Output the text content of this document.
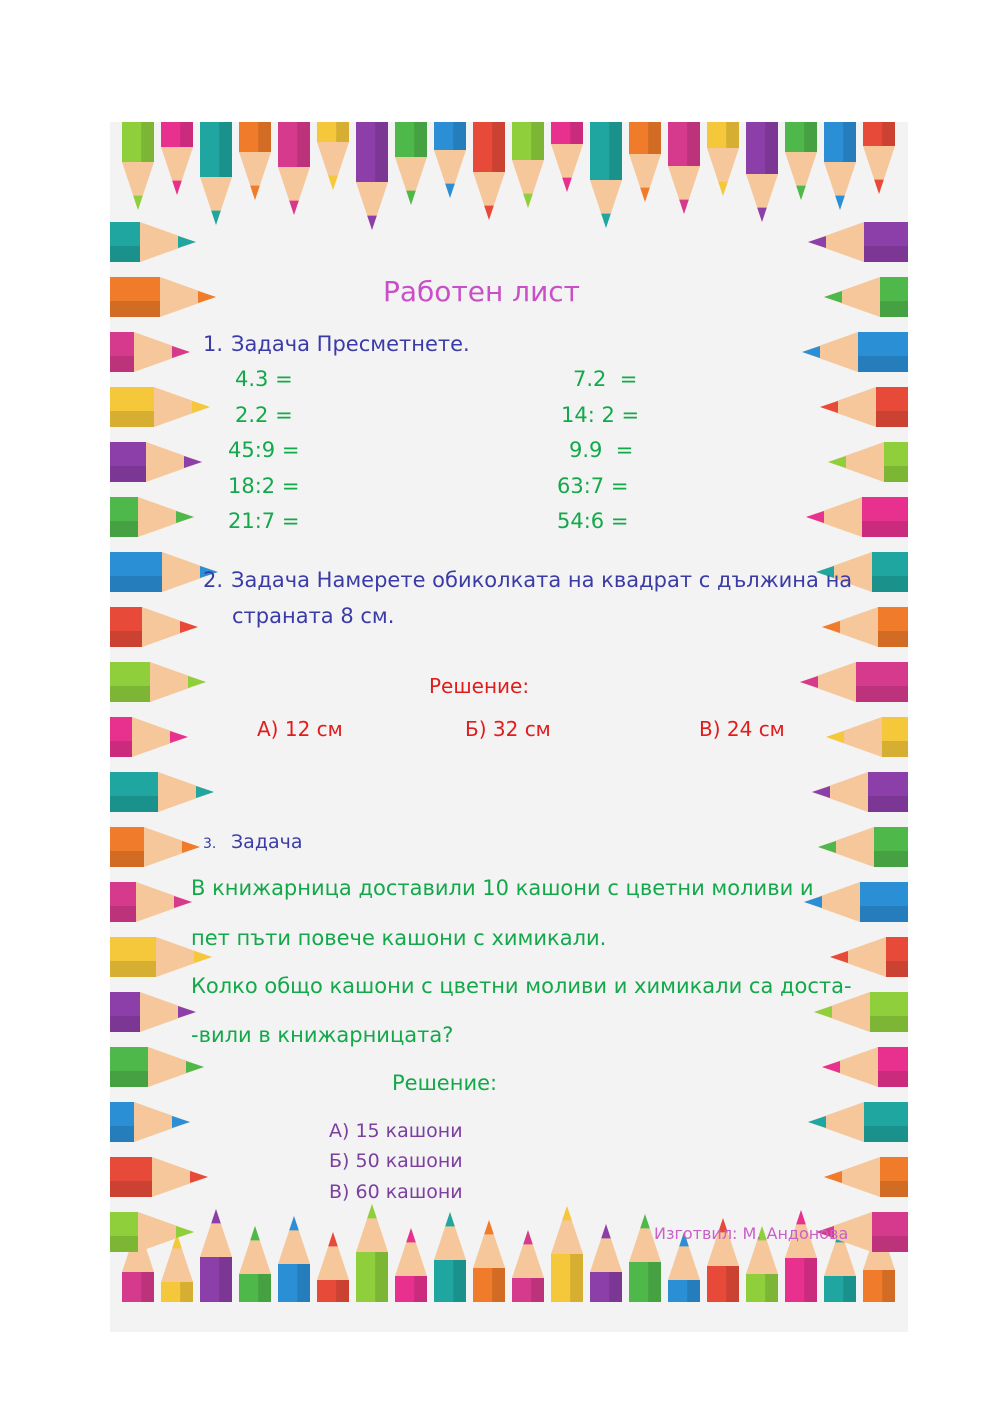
Работен лист
1. Задача Пресметнете.
4.3 =
2.2 =
45:9 =
18:2 =
21:7 =
7.2  =
14: 2 =
9.9  =
63:7 =
54:6 =
2. Задача Намерете обиколката на квадрат с дължина на
страната 8 см.
Решение:
А) 12 см	Б) 32 см	В) 24 см
3. Задача
В книжарница доставили 10 кашони с цветни моливи и
пет пъти повече кашони с химикали.
Колко общо кашони с цветни моливи и химикали са доста-
-вили в книжарницата?
Решение:
А) 15 кашони
Б) 50 кашони
В) 60 кашони
Изготвил: М. Андонова
